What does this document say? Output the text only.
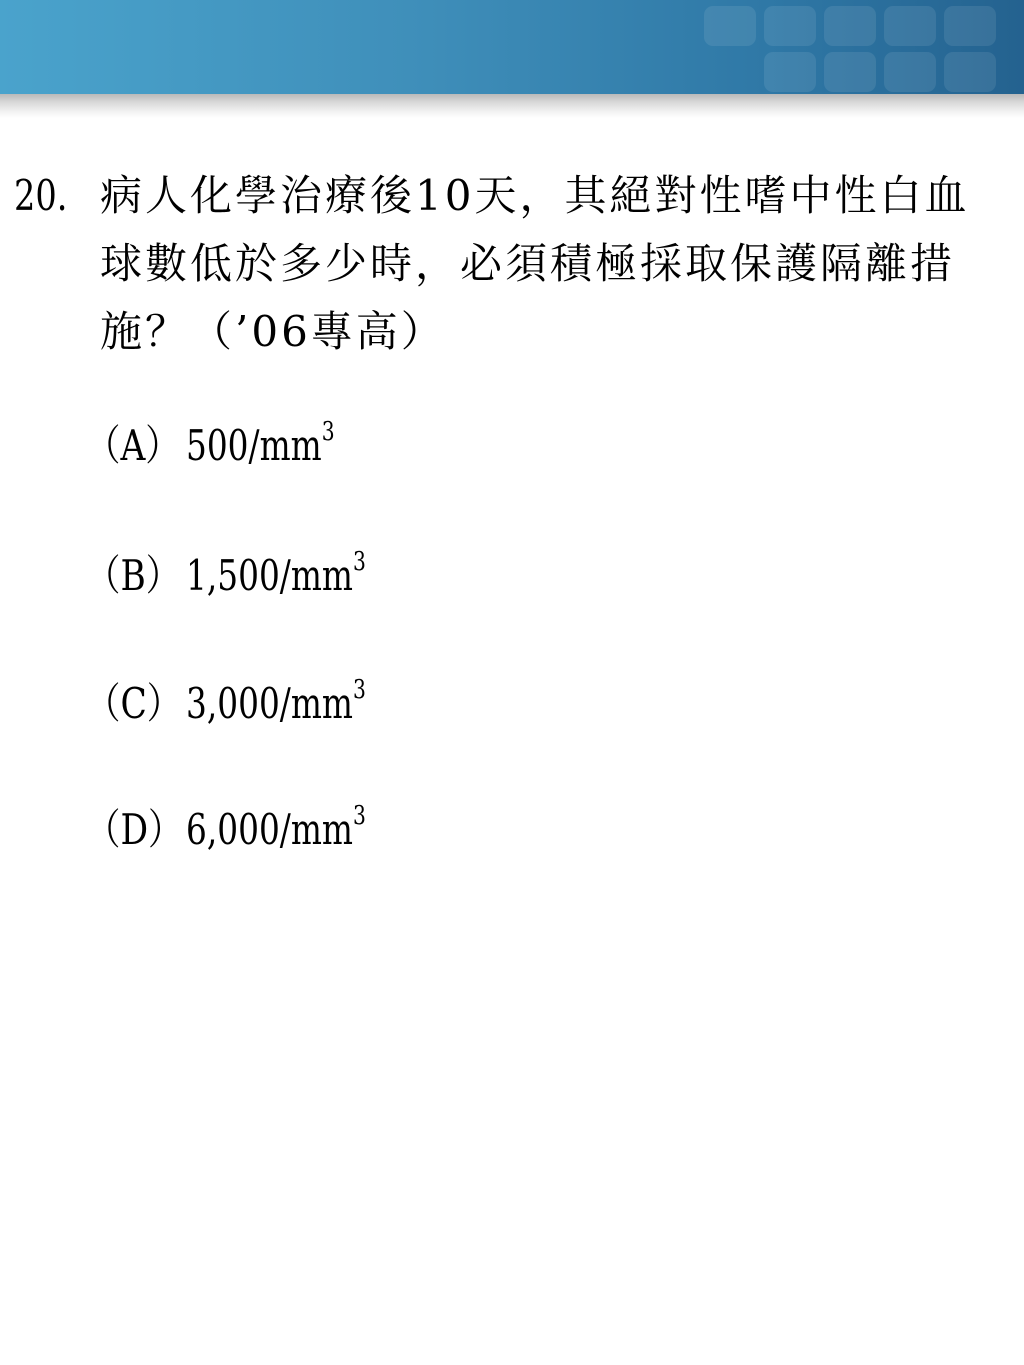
20. 病人化學治療後10天，其絕對性嗜中性白血球數低於多少時，必須積極採取保護隔離措施？（’06專高）
（A） $500/mm^3$
（B） $1,500/mm^3$
（C） $3,000/mm^3$
$(D)6,000/mm^3$
